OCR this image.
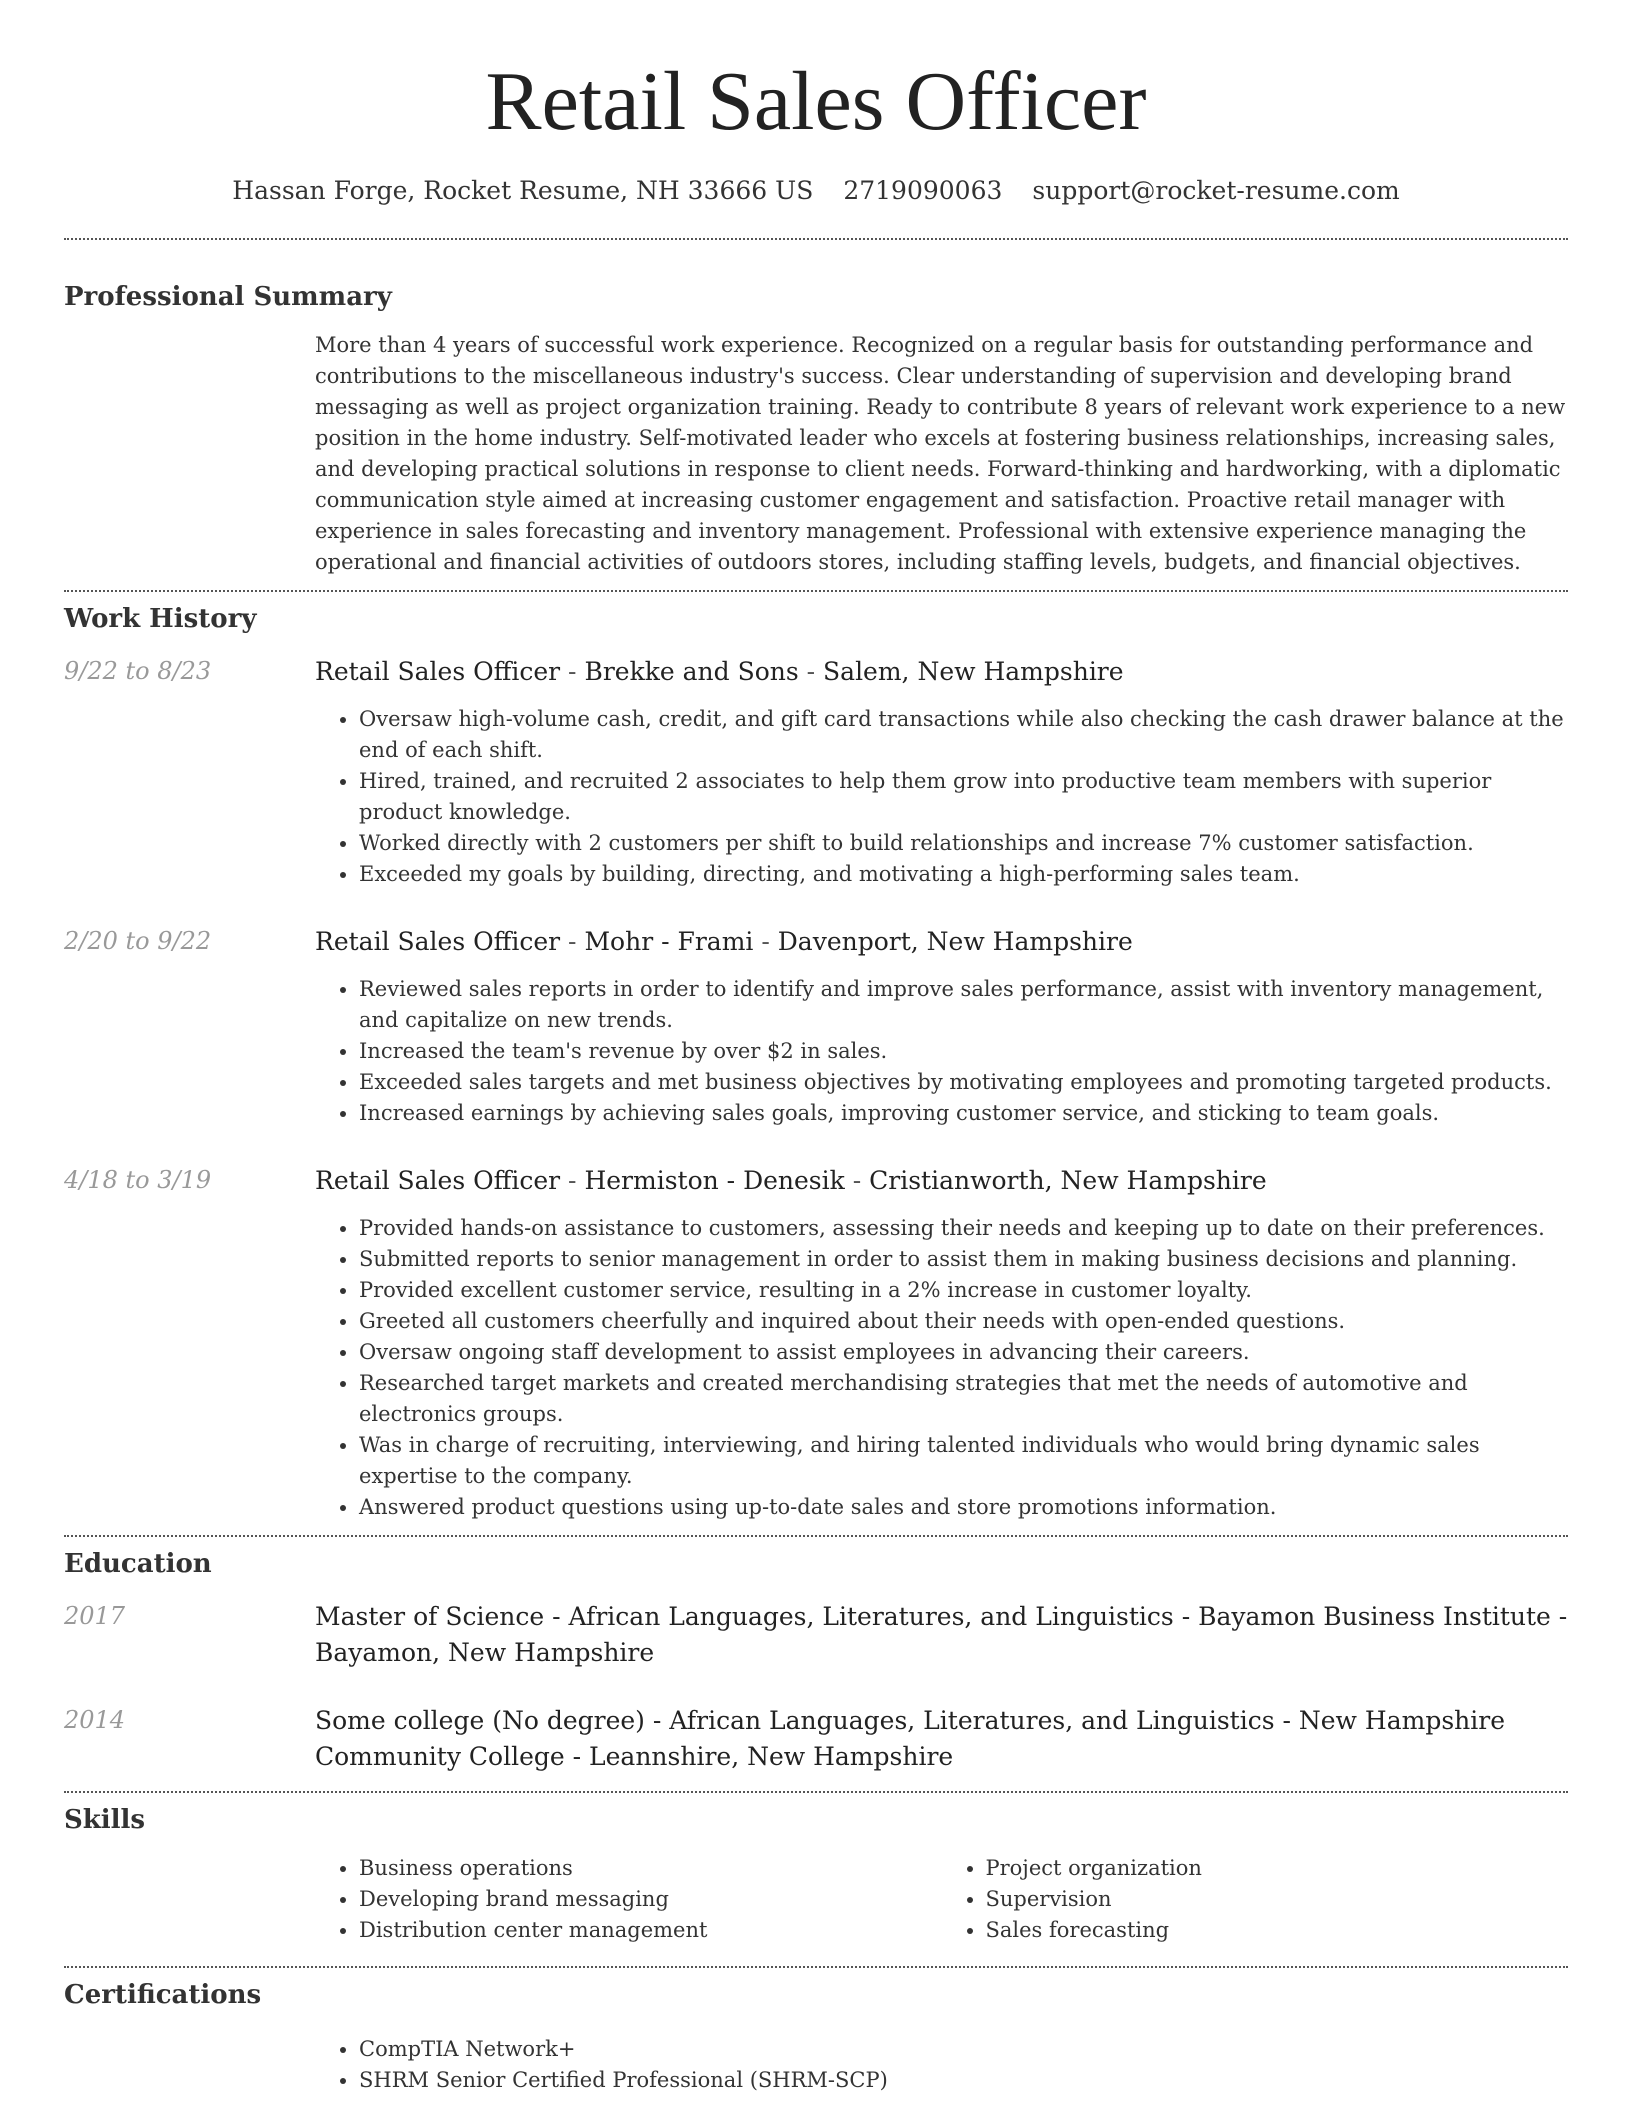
Retail Sales Officer
Hassan Forge, Rocket Resume, NH 33666 US 2719090063 support@rocket-resume.com
Professional Summary

More than 4 years of successful work experience. Recognized on a regular basis for outstanding performance and contributions to the miscellaneous industry's success. Clear understanding of supervision and developing brand messaging as well as project organization training. Ready to contribute 8 years of relevant work experience to a new position in the home industry. Self-motivated leader who excels at fostering business relationships, increasing sales, and developing practical solutions in response to client needs. Forward-thinking and hardworking, with a diplomatic communication style aimed at increasing customer engagement and satisfaction. Proactive retail manager with experience in sales forecasting and inventory management. Professional with extensive experience managing the operational and financial activities of outdoors stores, including staffing levels, budgets, and financial objectives.

Work History
9/22 to 8/23	Retail Sales Officer - Brekke and Sons - Salem, New Hampshire

• Oversaw high-volume cash, credit, and gift card transactions while also checking the cash drawer balance at the end of each shift.
• Hired, trained, and recruited 2 associates to help them grow into productive team members with superior product knowledge.
• Worked directly with 2 customers per shift to build relationships and increase 7% customer satisfaction.
• Exceeded my goals by building, directing, and motivating a high-performing sales team.
2/20 to 9/22	Retail Sales Officer - Mohr - Frami - Davenport, New Hampshire

• Reviewed sales reports in order to identify and improve sales performance, assist with inventory management, and capitalize on new trends.
• Increased the team's revenue by over $2 in sales.
• Exceeded sales targets and met business objectives by motivating employees and promoting targeted products.
• Increased earnings by achieving sales goals, improving customer service, and sticking to team goals.
4/18 to 3/19	Retail Sales Officer - Hermiston - Denesik - Cristianworth, New Hampshire

• Provided hands-on assistance to customers, assessing their needs and keeping up to date on their preferences.
• Submitted reports to senior management in order to assist them in making business decisions and planning.
• Provided excellent customer service, resulting in a 2% increase in customer loyalty.
• Greeted all customers cheerfully and inquired about their needs with open-ended questions.
• Oversaw ongoing staff development to assist employees in advancing their careers.
• Researched target markets and created merchandising strategies that met the needs of automotive and electronics groups.
• Was in charge of recruiting, interviewing, and hiring talented individuals who would bring dynamic sales expertise to the company.
• Answered product questions using up-to-date sales and store promotions information.
Education
2017	Master of Science - African Languages, Literatures, and Linguistics - Bayamon Business Institute - Bayamon, New Hampshire

2014	Some college (No degree) - African Languages, Literatures, and Linguistics - New Hampshire Community College - Leannshire, New Hampshire

Skills
• Business operations
• Developing brand messaging
• Distribution center management
• Project organization
• Supervision
• Sales forecasting
Certifications
• CompTIA Network+
• SHRM Senior Certified Professional (SHRM-SCP)
